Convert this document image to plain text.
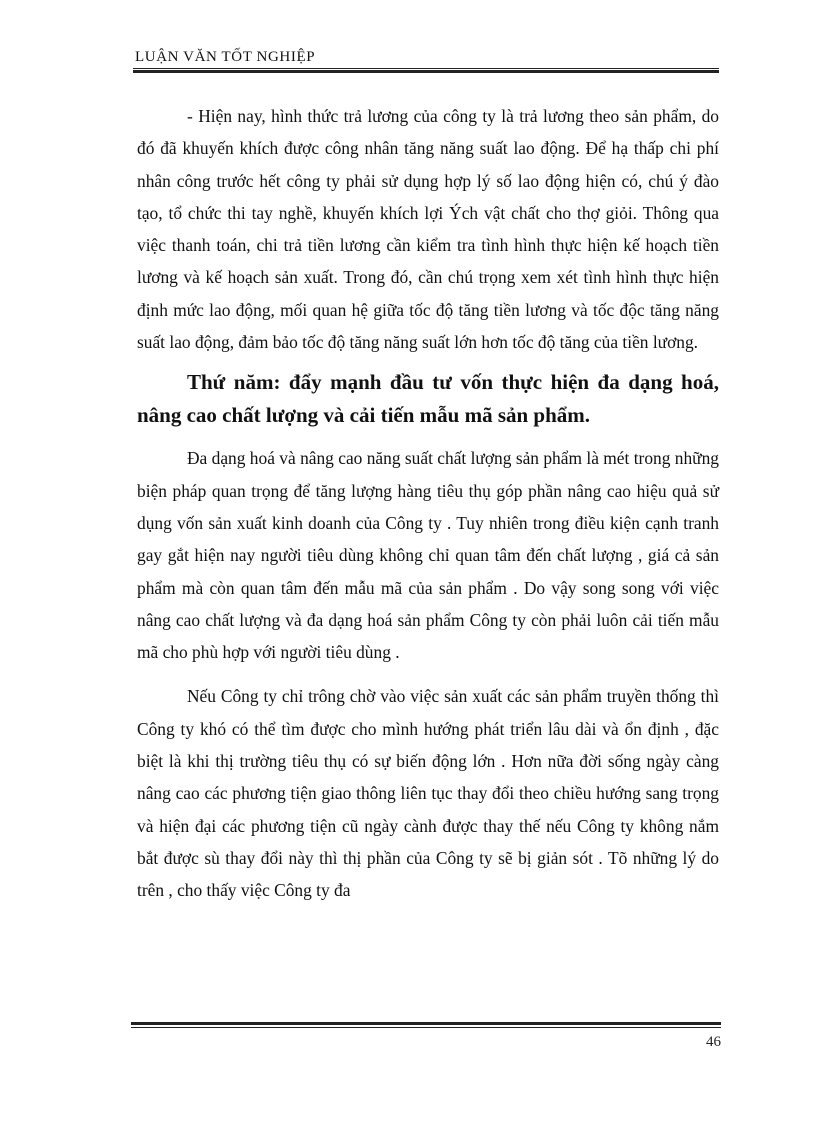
LUẬN VĂN TỐT NGHIỆP

- Hiện nay, hình thức trả lương của công ty là trả lương theo sản phẩm, do đó đã khuyến khích được công nhân tăng năng suất lao động. Để hạ thấp chi phí nhân công trước hết công ty phải sử dụng hợp lý số lao động hiện có, chú ý đào tạo, tổ chức thi tay nghề, khuyến khích lợi Ých vật chất cho thợ giỏi. Thông qua việc thanh toán, chi trả tiền lương cần kiểm tra tình hình thực hiện kế hoạch tiền lương và kế hoạch sản xuất. Trong đó, cần chú trọng xem xét tình hình thực hiện định mức lao động, mối quan hệ giữa tốc độ tăng tiền lương và tốc độc tăng năng suất lao động, đảm bảo tốc độ tăng năng suất lớn hơn tốc độ tăng của tiền lương.

Thứ năm: đẩy mạnh đầu tư vốn thực hiện đa dạng hoá, nâng cao chất lượng và cải tiến mẫu mã sản phẩm.

Đa dạng hoá và nâng cao năng suất chất lượng sản phẩm là mét trong những biện pháp quan trọng để tăng lượng hàng tiêu thụ góp phần nâng cao hiệu quả sử dụng vốn sản xuất kinh doanh của Công ty . Tuy nhiên trong điều kiện cạnh tranh gay gắt hiện nay người tiêu dùng không chỉ quan tâm đến chất lượng , giá cả sản phẩm mà còn quan tâm đến mẫu mã của sản phẩm . Do vậy song song với việc nâng cao chất lượng và đa dạng hoá sản phẩm Công ty còn phải luôn cải tiến mẫu mã cho phù hợp với người tiêu dùng .

Nếu Công ty chỉ trông chờ vào việc sản xuất các sản phẩm truyền thống thì Công ty khó có thể tìm được cho mình hướng phát triển lâu dài và ổn định , đặc biệt là khi thị trường tiêu thụ có sự biến động lớn . Hơn nữa đời sống ngày càng nâng cao các phương tiện giao thông liên tục thay đổi theo chiều hướng sang trọng và hiện đại các phương tiện cũ ngày cành được thay thế nếu Công ty không nắm bắt được sù thay đổi này thì thị phần của Công ty sẽ bị giản sót . Tõ những lý do trên , cho thấy việc Công ty đa

46
